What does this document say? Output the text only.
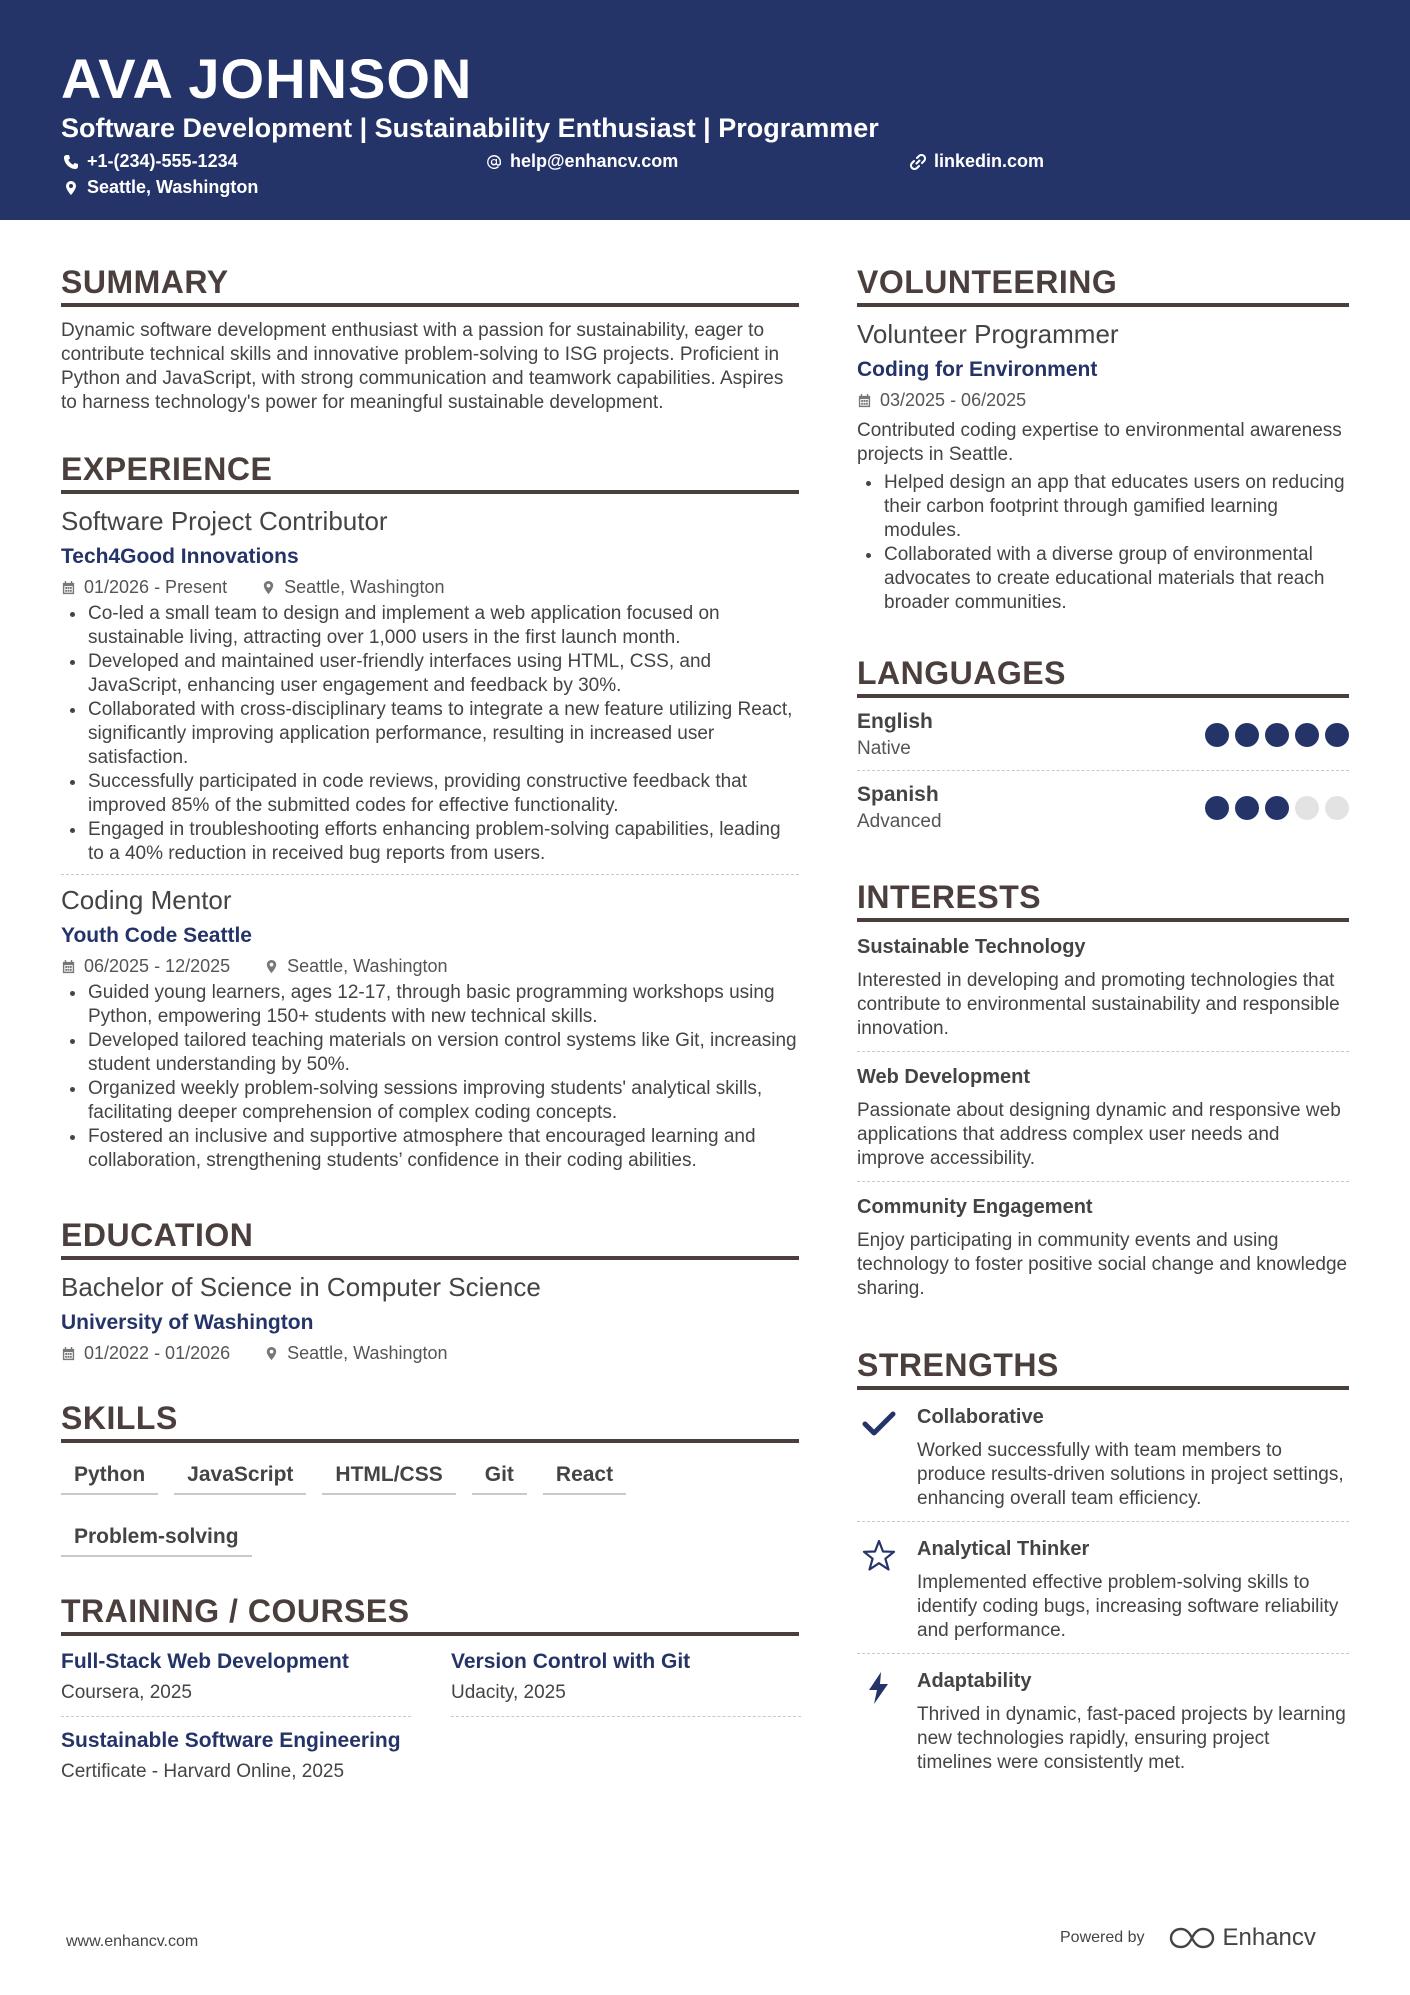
AVA JOHNSON
Software Development | Sustainability Enthusiast | Programmer
+1-(234)-555-1234	help@enhancv.com	linkedin.com
Seattle, Washington
SUMMARY
Dynamic software development enthusiast with a passion for sustainability, eager to contribute technical skills and innovative problem-solving to ISG projects. Proficient in Python and JavaScript, with strong communication and teamwork capabilities. Aspires to harness technology's power for meaningful sustainable development.
EXPERIENCE
Software Project Contributor
Tech4Good Innovations
01/2026 - Present	Seattle, Washington
Co-led a small team to design and implement a web application focused on sustainable living, attracting over 1,000 users in the first launch month.
Developed and maintained user-friendly interfaces using HTML, CSS, and JavaScript, enhancing user engagement and feedback by 30%.
Collaborated with cross-disciplinary teams to integrate a new feature utilizing React, significantly improving application performance, resulting in increased user satisfaction.
Successfully participated in code reviews, providing constructive feedback that improved 85% of the submitted codes for effective functionality.
Engaged in troubleshooting efforts enhancing problem-solving capabilities, leading to a 40% reduction in received bug reports from users.
Coding Mentor
Youth Code Seattle
06/2025 - 12/2025	Seattle, Washington
Guided young learners, ages 12-17, through basic programming workshops using Python, empowering 150+ students with new technical skills.
Developed tailored teaching materials on version control systems like Git, increasing student understanding by 50%.
Organized weekly problem-solving sessions improving students' analytical skills, facilitating deeper comprehension of complex coding concepts.
Fostered an inclusive and supportive atmosphere that encouraged learning and collaboration, strengthening students’ confidence in their coding abilities.
EDUCATION
Bachelor of Science in Computer Science
University of Washington
01/2022 - 01/2026	Seattle, Washington
SKILLS
Python	JavaScript	HTML/CSS	Git	React
Problem-solving
TRAINING / COURSES
Full-Stack Web Development
Coursera, 2025
Version Control with Git
Udacity, 2025
Sustainable Software Engineering
Certificate - Harvard Online, 2025
VOLUNTEERING
Volunteer Programmer
Coding for Environment
03/2025 - 06/2025
Contributed coding expertise to environmental awareness projects in Seattle.
Helped design an app that educates users on reducing their carbon footprint through gamified learning modules.
Collaborated with a diverse group of environmental advocates to create educational materials that reach broader communities.
LANGUAGES
English
Native
Spanish
Advanced
INTERESTS
Sustainable Technology
Interested in developing and promoting technologies that contribute to environmental sustainability and responsible innovation.
Web Development
Passionate about designing dynamic and responsive web applications that address complex user needs and improve accessibility.
Community Engagement
Enjoy participating in community events and using technology to foster positive social change and knowledge sharing.
STRENGTHS
Collaborative
Worked successfully with team members to produce results-driven solutions in project settings, enhancing overall team efficiency.
Analytical Thinker
Implemented effective problem-solving skills to identify coding bugs, increasing software reliability and performance.
Adaptability
Thrived in dynamic, fast-paced projects by learning new technologies rapidly, ensuring project timelines were consistently met.
www.enhancv.com	Powered by	Enhancv
